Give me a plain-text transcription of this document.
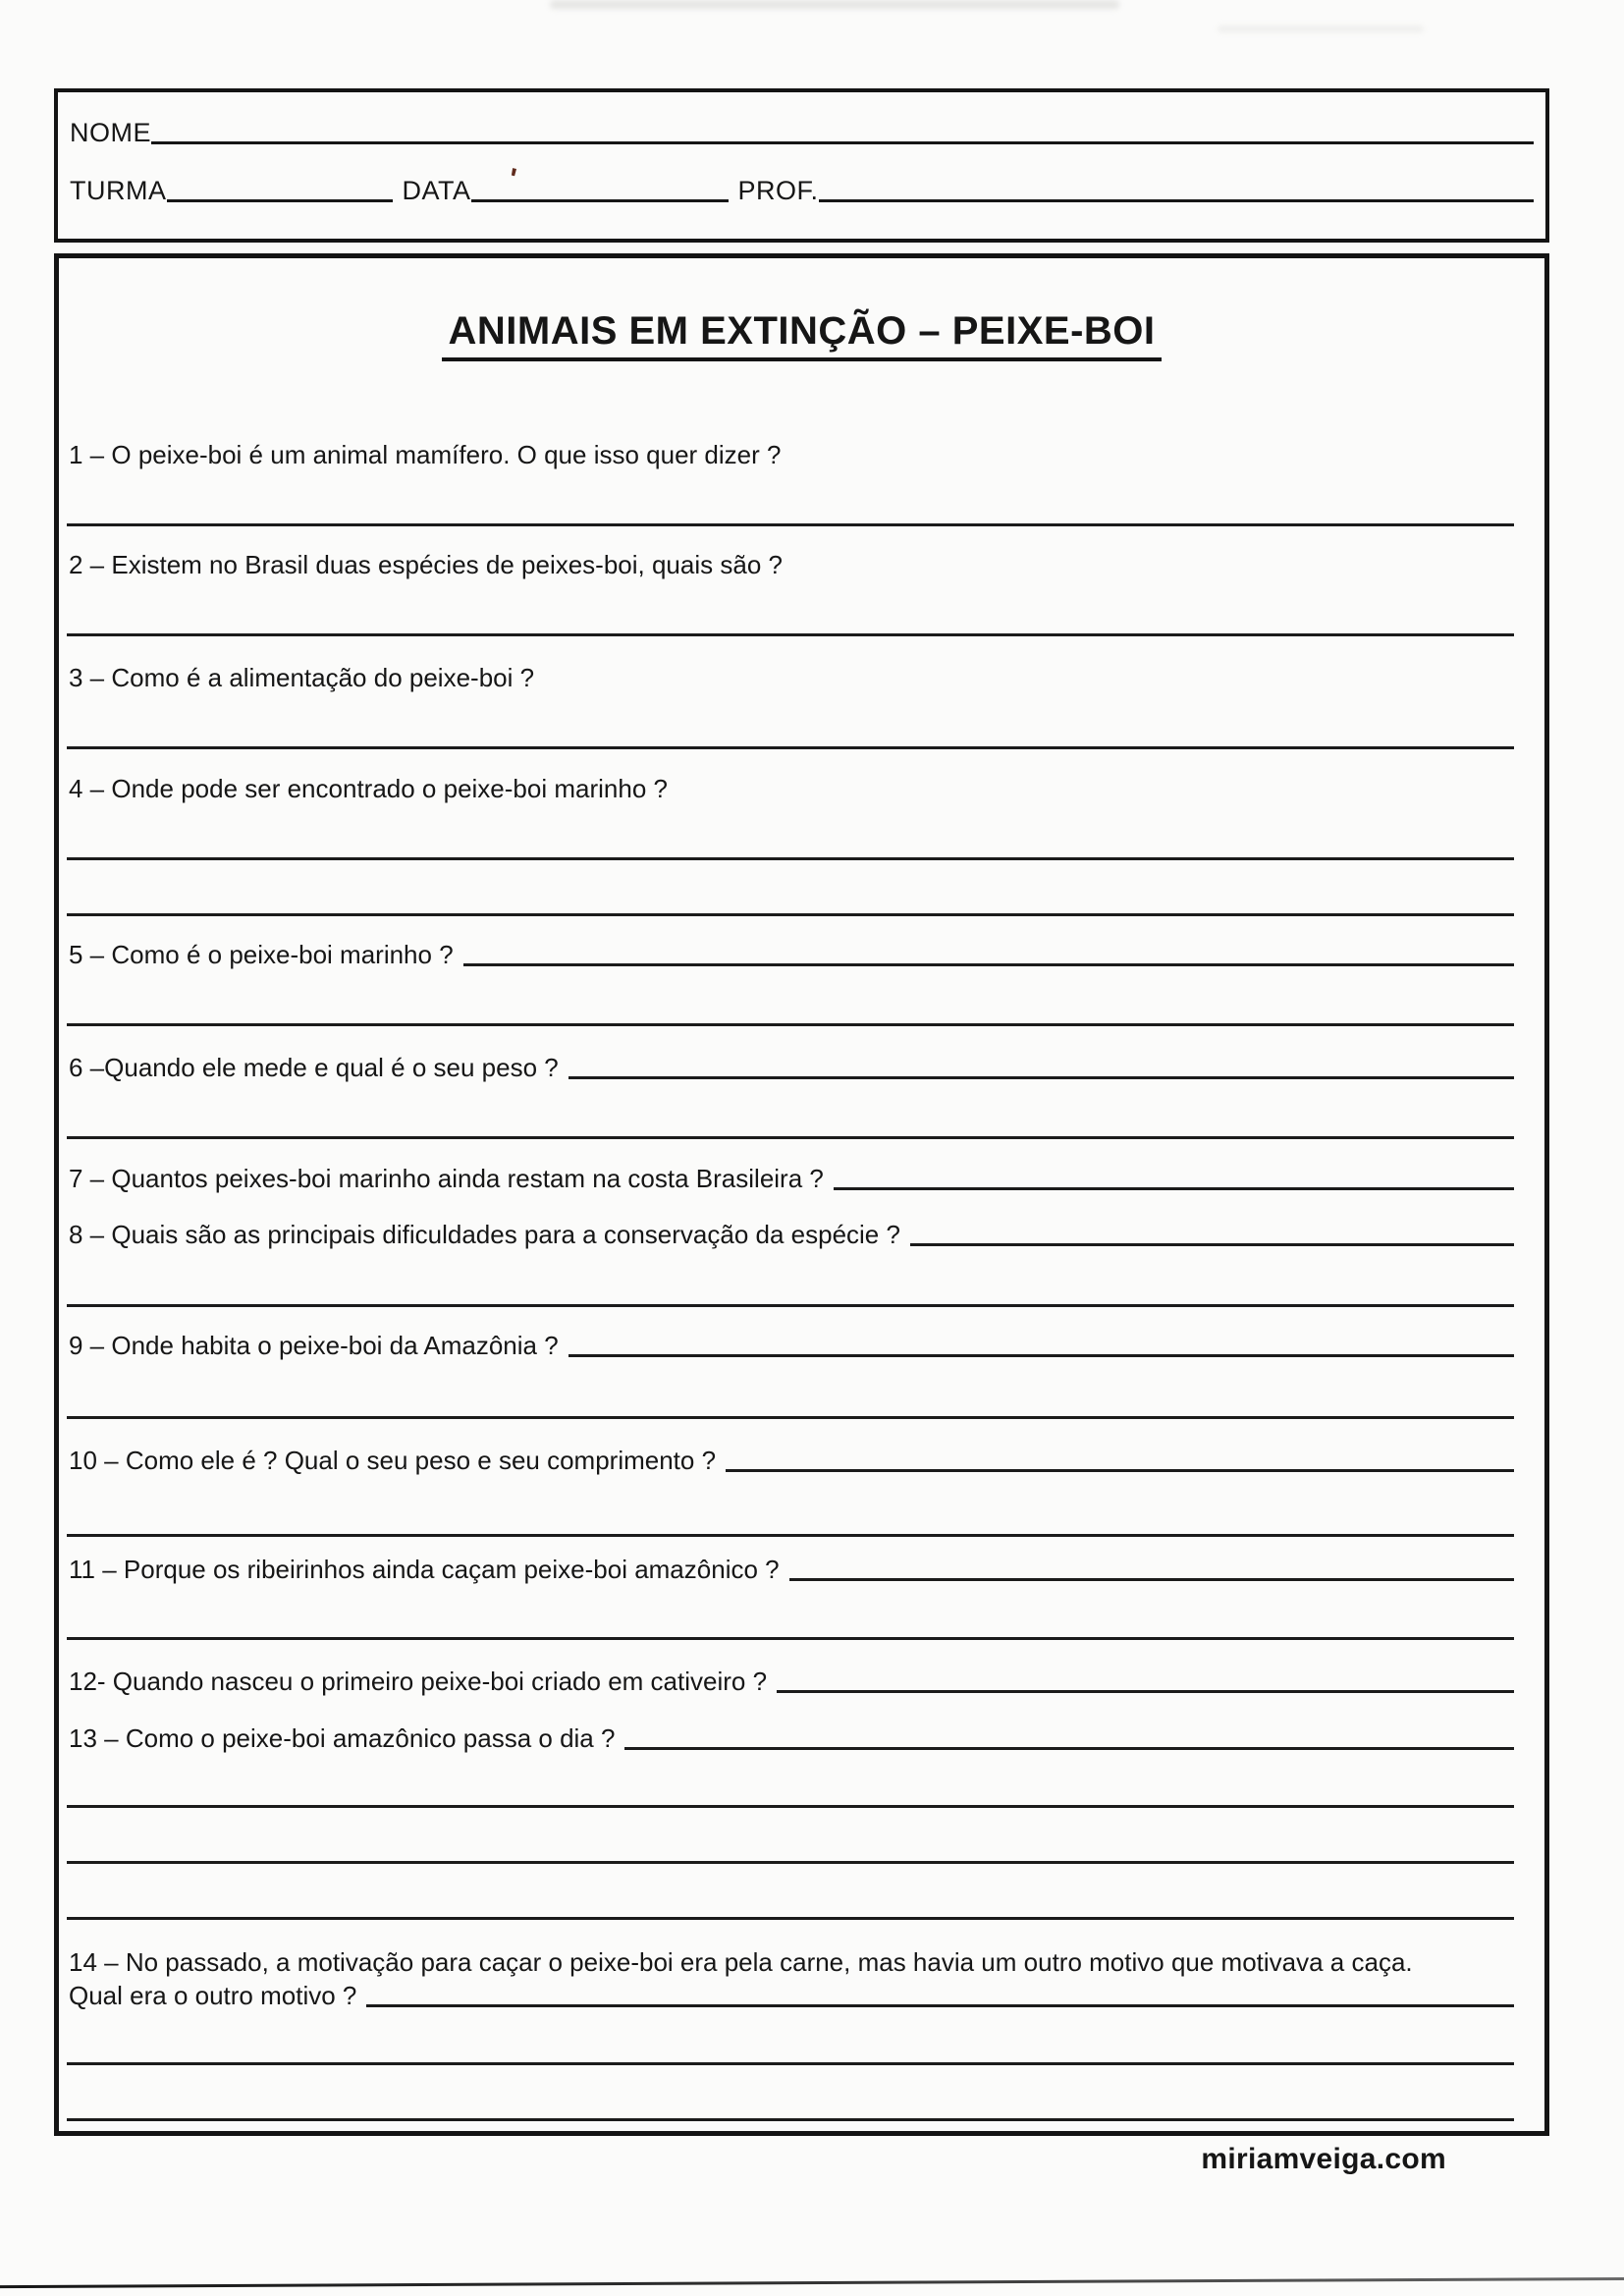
NOME
TURMA	DATA	PROF.
'
ANIMAIS EM EXTINÇÃO – PEIXE-BOI
1 – O peixe-boi é um animal mamífero. O que isso quer dizer ?
2 – Existem no Brasil duas espécies de peixes-boi, quais são ?
3 – Como é a alimentação do peixe-boi ?
4 – Onde pode ser encontrado o peixe-boi marinho ?
5 – Como é o peixe-boi marinho ?
6 –Quando ele mede e qual é o seu peso ?
7 – Quantos peixes-boi marinho ainda restam na costa Brasileira ?
8 – Quais são as principais dificuldades para a conservação da espécie ?
9 – Onde habita o peixe-boi da Amazônia ?
10 – Como ele é ? Qual o seu peso e seu comprimento ?
11 – Porque os ribeirinhos ainda caçam peixe-boi amazônico ?
12- Quando nasceu o primeiro peixe-boi criado em cativeiro ?
13 – Como o peixe-boi amazônico passa o dia ?
14 – No passado, a motivação para caçar o peixe-boi era pela carne, mas havia um outro motivo que motivava a caça.
Qual era o outro motivo ?
miriamveiga.com
